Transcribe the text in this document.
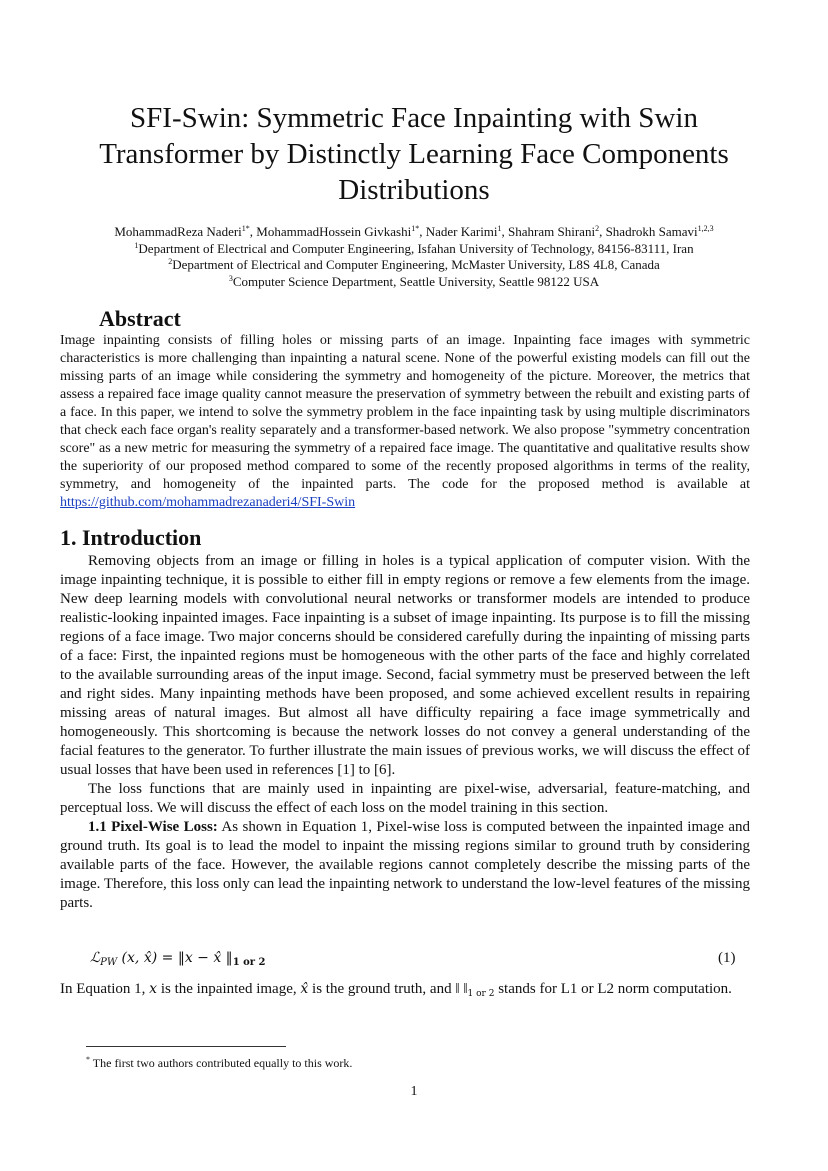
SFI-Swin: Symmetric Face Inpainting with Swin
Transformer by Distinctly Learning Face Components
Distributions
MohammadReza Naderi$^{1*}$, MohammadHossein Givkashi$^{1*}$, Nader Karimi$^1$, Shahram Shirani$^2$, Shadrokh Samavi$^{1,2,3}$
$^1$Department of Electrical and Computer Engineering, Isfahan University of Technology, 84156-83111, Iran
$^2$Department of Electrical and Computer Engineering, McMaster University, L8S 4L8, Canada
$^3$Computer Science Department, Seattle University, Seattle 98122 USA
Abstract
Image inpainting consists of filling holes or missing parts of an image. Inpainting face images with symmetric characteristics is more challenging than inpainting a natural scene. None of the powerful existing models can fill out the missing parts of an image while considering the symmetry and homogeneity of the picture. Moreover, the metrics that assess a repaired face image quality cannot measure the preservation of symmetry between the rebuilt and existing parts of a face. In this paper, we intend to solve the symmetry problem in the face inpainting task by using multiple discriminators that check each face organ's reality separately and a transformer-based network. We also propose "symmetry concentration score" as a new metric for measuring the symmetry of a repaired face image. The quantitative and qualitative results show the superiority of our proposed method compared to some of the recently proposed algorithms in terms of the reality, symmetry, and homogeneity of the inpainted parts. The code for the proposed method is available at https://github.com/mohammadrezanaderi4/SFI-Swin
1. Introduction

Removing objects from an image or filling in holes is a typical application of computer vision. With the image inpainting technique, it is possible to either fill in empty regions or remove a few elements from the image. New deep learning models with convolutional neural networks or transformer models are intended to produce realistic-looking inpainted images. Face inpainting is a subset of image inpainting. Its purpose is to fill the missing regions of a face image. Two major concerns should be considered carefully during the inpainting of missing parts of a face: First, the inpainted regions must be homogeneous with the other parts of the face and highly correlated to the available surrounding areas of the input image. Second, facial symmetry must be preserved between the left and right sides. Many inpainting methods have been proposed, and some achieved excellent results in repairing missing areas of natural images. But almost all have difficulty repairing a face image symmetrically and homogeneously. This shortcoming is because the network losses do not convey a general understanding of the facial features to the generator. To further illustrate the main issues of previous works, we will discuss the effect of usual losses that have been used in references [1] to [6].

The loss functions that are mainly used in inpainting are pixel-wise, adversarial, feature-matching, and perceptual loss. We will discuss the effect of each loss on the model training in this section.

1.1 Pixel-Wise Loss: As shown in Equation 1, Pixel-wise loss is computed between the inpainted image and ground truth. Its goal is to lead the model to inpaint the missing regions similar to ground truth by considering available parts of the face. However, the available regions cannot completely describe the missing parts of the image. Therefore, this loss only can lead the inpainting network to understand the low-level features of the missing parts.

ℒ$_{PW}$ (x, x̂) = ‖x − x̂ $‖_{1 or 2}$	(1)
In Equation 1, x is the inpainted image, x̂ is the ground truth, and ‖ $‖_{1 or 2}$ stands for L1 or L2 norm computation.
* The first two authors contributed equally to this work.
1
